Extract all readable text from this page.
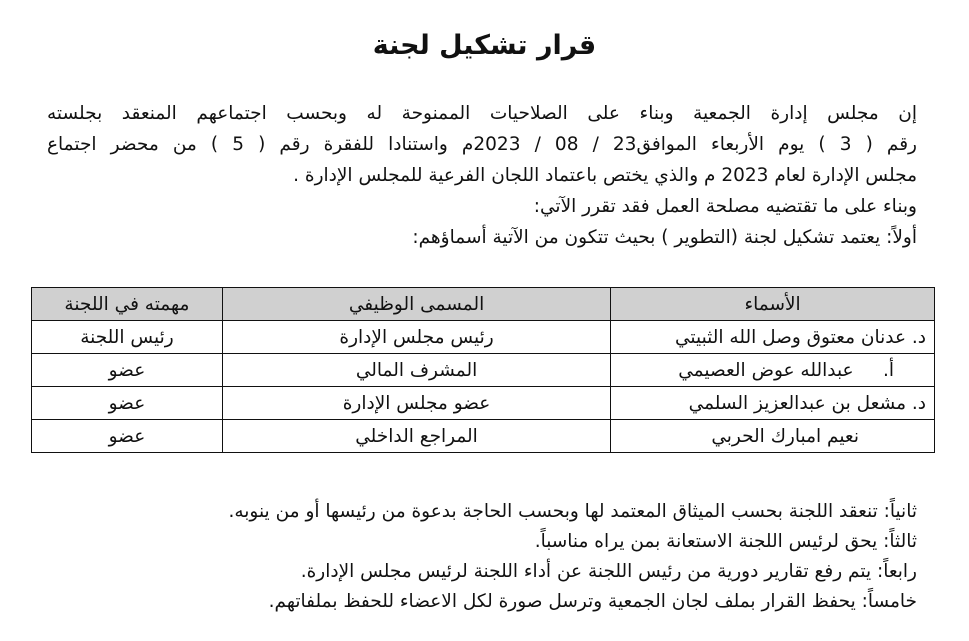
قرار تشكيل لجنة
إن مجلس إدارة الجمعية وبناء على الصلاحيات الممنوحة له وبحسب اجتماعهم المنعقد بجلسته
رقم ( 3 ) يوم الأربعاء الموافق23 / 08 / 2023م واستنادا للفقرة رقم ( 5 ) من محضر اجتماع
مجلس الإدارة لعام 2023 م والذي يختص باعتماد اللجان الفرعية للمجلس الإدارة .
وبناء على ما تقتضيه مصلحة العمل فقد تقرر الآتي:
أولاً: يعتمد تشكيل لجنة (التطوير ) بحيث تتكون من الآتية أسماؤهم:
الأسماء	المسمى الوظيفي	مهمته في اللجنة
د. عدنان معتوق وصل الله الثبيتي	رئيس مجلس الإدارة	رئيس اللجنة
أ.     عبدالله عوض العصيمي	المشرف المالي	عضو
د. مشعل بن عبدالعزيز السلمي	عضو مجلس الإدارة	عضو
نعيم امبارك الحربي	المراجع الداخلي	عضو
ثانياً: تنعقد اللجنة بحسب الميثاق المعتمد لها وبحسب الحاجة بدعوة من رئيسها أو من ينوبه.
ثالثاً: يحق لرئيس اللجنة الاستعانة بمن يراه مناسباً.
رابعاً: يتم رفع تقارير دورية من رئيس اللجنة عن أداء اللجنة لرئيس مجلس الإدارة.
خامساً: يحفظ القرار بملف لجان الجمعية وترسل صورة لكل الاعضاء للحفظ بملفاتهم.
